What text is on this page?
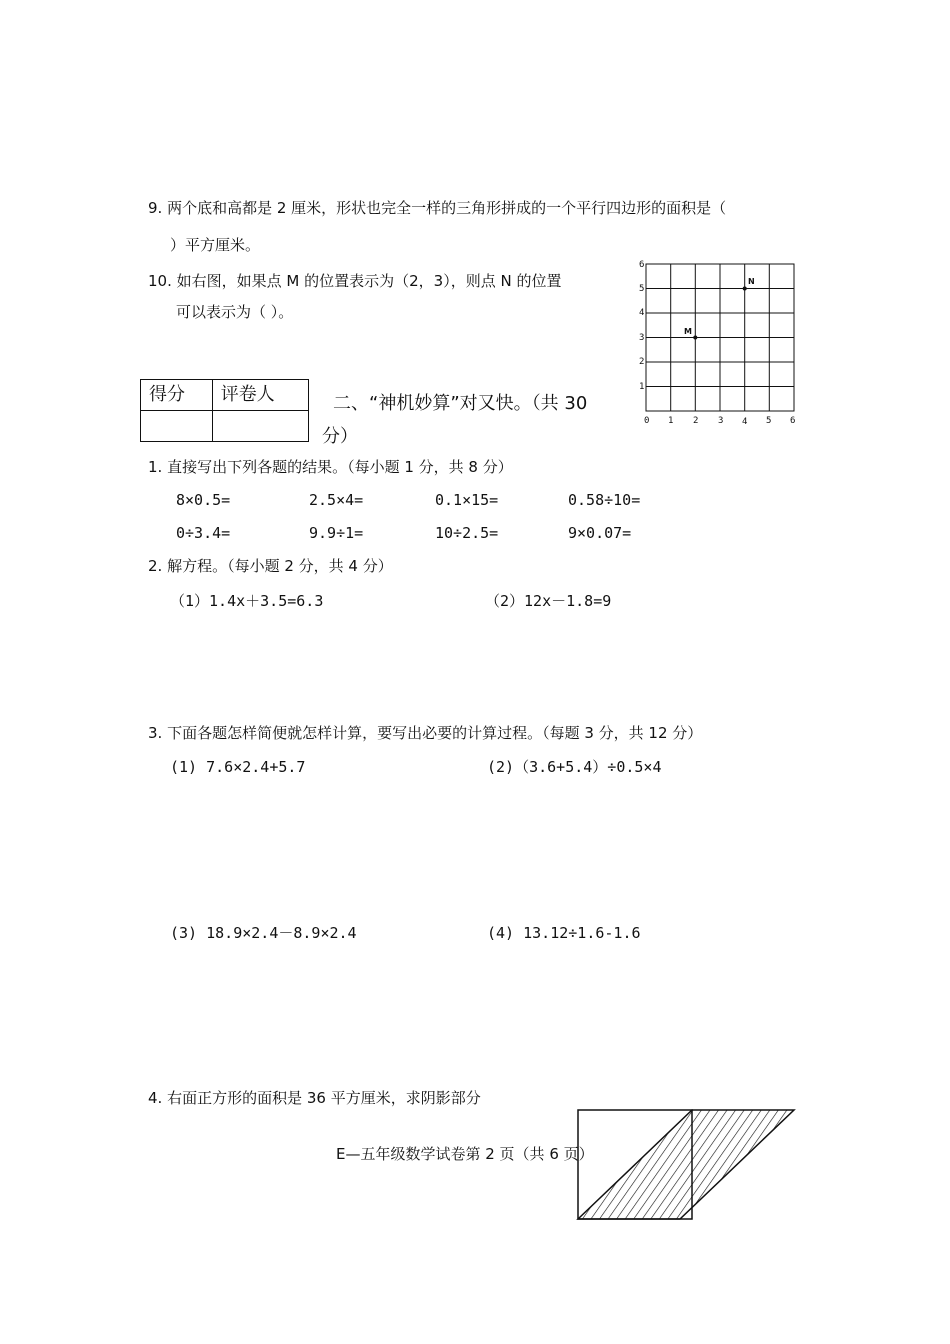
9. 两个底和高都是 2 厘米，形状也完全一样的三角形拼成的一个平行四边形的面积是（
）平方厘米。
10. 如右图，如果点 M 的位置表示为（2，3），则点 N 的位置
可以表示为（ ）。
0 1 2 3 4 5 6
1
2
3
4
5
6
M
N
得分	评卷人
		二、“神机妙算”对又快。（共 30
分）
1. 直接写出下列各题的结果。（每小题 1 分，共 8 分）
8×0.5=	2.5×4=	0.1×15=	0.58÷10=
0÷3.4=	9.9÷1=	10÷2.5=	9×0.07=
2. 解方程。（每小题 2 分，共 4 分）
（1）1.4x＋3.5=6.3	（2）12x－1.8=9
3. 下面各题怎样简便就怎样计算，要写出必要的计算过程。（每题 3 分，共 12 分）
(1) 7.6×2.4+5.7	(2)（3.6+5.4）÷0.5×4
(3) 18.9×2.4－8.9×2.4	(4) 13.12÷1.6-1.6
4. 右面正方形的面积是 36 平方厘米，求阴影部分
E—五年级数学试卷第 2 页（共 6 页）
